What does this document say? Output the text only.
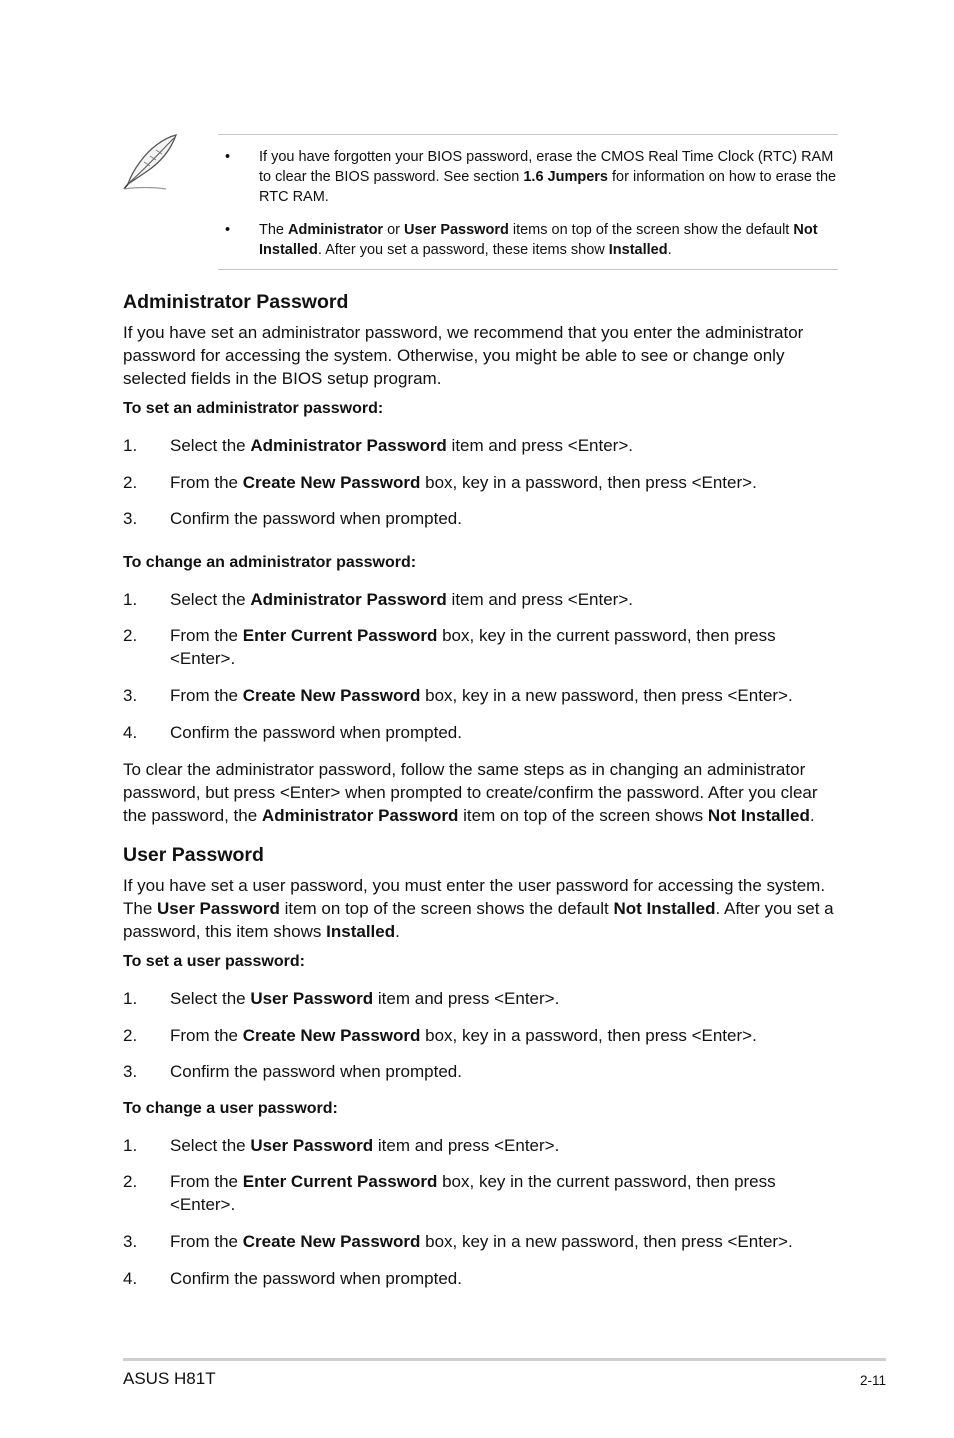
• If you have forgotten your BIOS password, erase the CMOS Real Time Clock (RTC) RAM to clear the BIOS password. See section 1.6 Jumpers for information on how to erase the RTC RAM.
• The Administrator or User Password items on top of the screen show the default Not Installed. After you set a password, these items show Installed.
Administrator Password
If you have set an administrator password, we recommend that you enter the administrator password for accessing the system. Otherwise, you might be able to see or change only selected fields in the BIOS setup program.
To set an administrator password:
1. Select the Administrator Password item and press <Enter>.
2. From the Create New Password box, key in a password, then press <Enter>.
3. Confirm the password when prompted.
To change an administrator password:
1. Select the Administrator Password item and press <Enter>.
2. From the Enter Current Password box, key in the current password, then press <Enter>.
3. From the Create New Password box, key in a new password, then press <Enter>.
4. Confirm the password when prompted.
To clear the administrator password, follow the same steps as in changing an administrator password, but press <Enter> when prompted to create/confirm the password. After you clear the password, the Administrator Password item on top of the screen shows Not Installed.
User Password
If you have set a user password, you must enter the user password for accessing the system. The User Password item on top of the screen shows the default Not Installed. After you set a password, this item shows Installed.
To set a user password:
1. Select the User Password item and press <Enter>.
2. From the Create New Password box, key in a password, then press <Enter>.
3. Confirm the password when prompted.
To change a user password:
1. Select the User Password item and press <Enter>.
2. From the Enter Current Password box, key in the current password, then press <Enter>.
3. From the Create New Password box, key in a new password, then press <Enter>.
4. Confirm the password when prompted.
ASUS H81T	2-11
